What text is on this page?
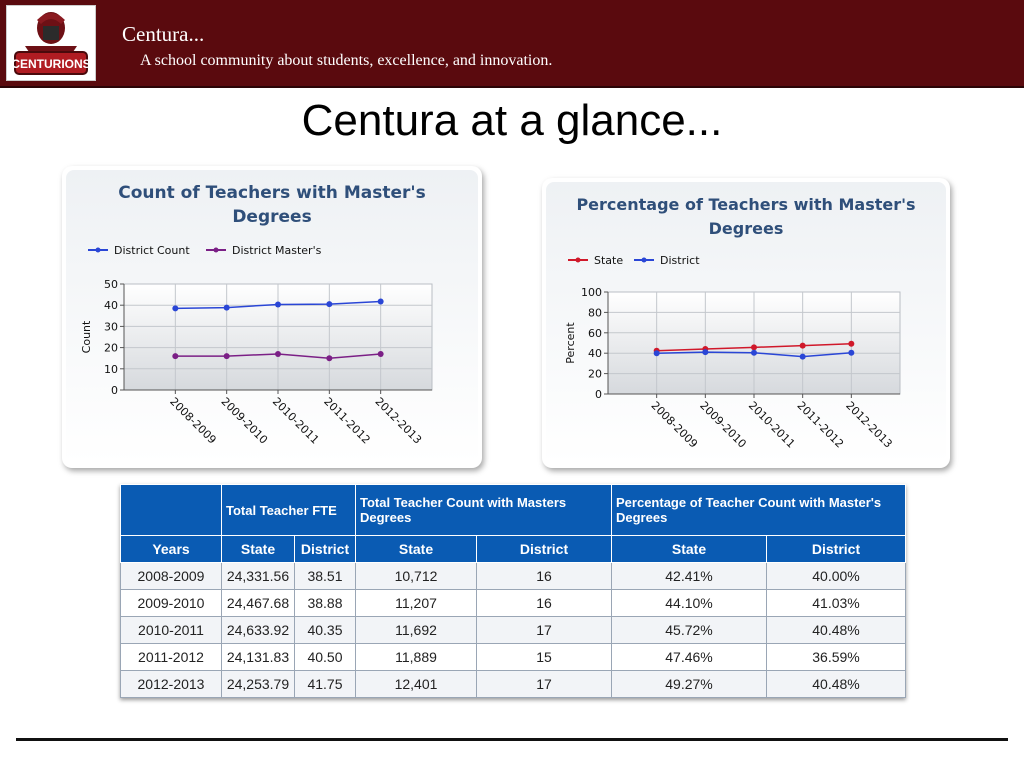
CENTURIONS
Centura...
A school community about students, excellence, and innovation.
Centura at a glance...
Count of Teachers with Master's
Degrees
District Count	District Master's
0
10
20
30
40
50
2008-2009 2009-2010 2010-2011 2011-2012 2012-2013
Count
Percentage of Teachers with Master's
Degrees
State	District
0
20
40
60
80
100
2008-2009
2009-2010
2010-2011
2011-2012
2012-2013
Percent
	Total Teacher FTE		Total Teacher Count with Masters Degrees		Percentage of Teacher Count with Master's Degrees	
Years	State	District	State	District	State	District
2008-2009	24,331.56	38.51	10,712	16	42.41%	40.00%
2009-2010	24,467.68	38.88	11,207	16	44.10%	41.03%
2010-2011	24,633.92	40.35	11,692	17	45.72%	40.48%
2011-2012	24,131.83	40.50	11,889	15	47.46%	36.59%
2012-2013	24,253.79	41.75	12,401	17	49.27%	40.48%
